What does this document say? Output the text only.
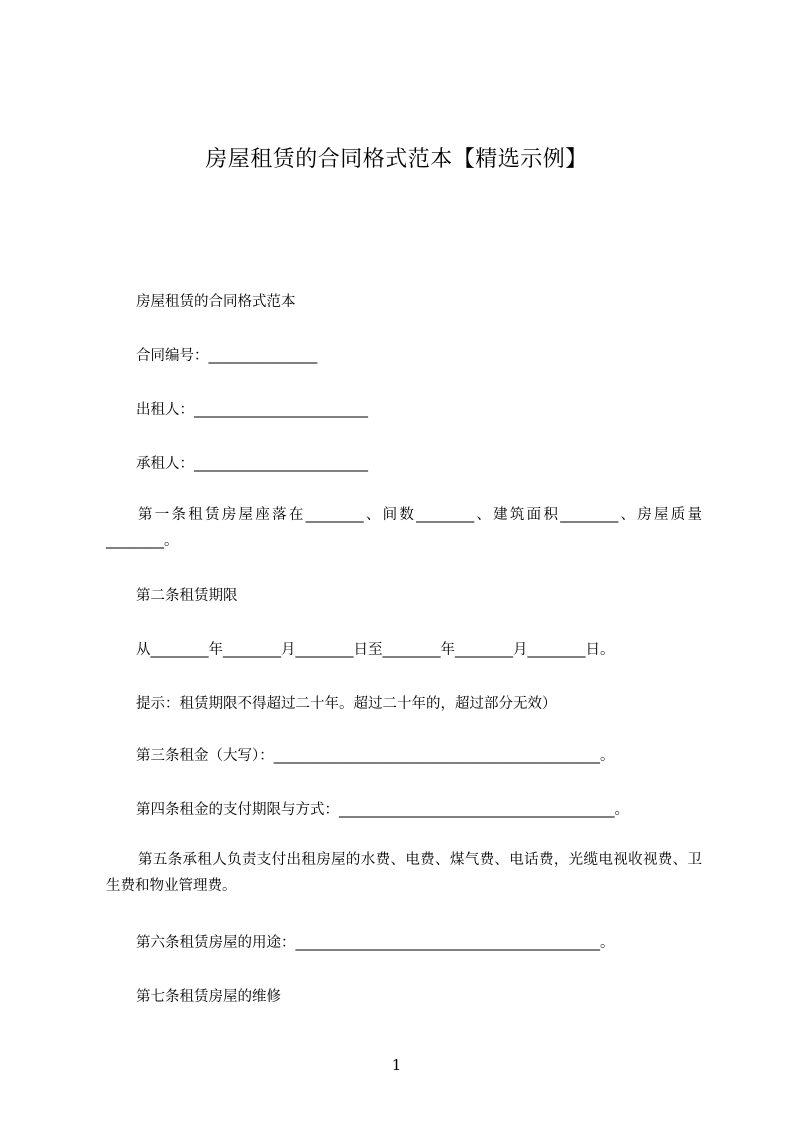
房屋租赁的合同格式范本【精选示例】
房屋租赁的合同格式范本
合同编号：_______________
出租人：________________________
承租人：________________________
第一条租赁房屋座落在________、间数________、建筑面积________、房屋质量________。
第二条租赁期限
从________年________月________日至________年________月________日。
提示：租赁期限不得超过二十年。超过二十年的，超过部分无效）
第三条租金（大写）：_____________________________________________。
第四条租金的支付期限与方式：______________________________________。
第五条承租人负责支付出租房屋的水费、电费、煤气费、电话费，光缆电视收视费、卫生费和物业管理费。
第六条租赁房屋的用途：__________________________________________。
第七条租赁房屋的维修
1
